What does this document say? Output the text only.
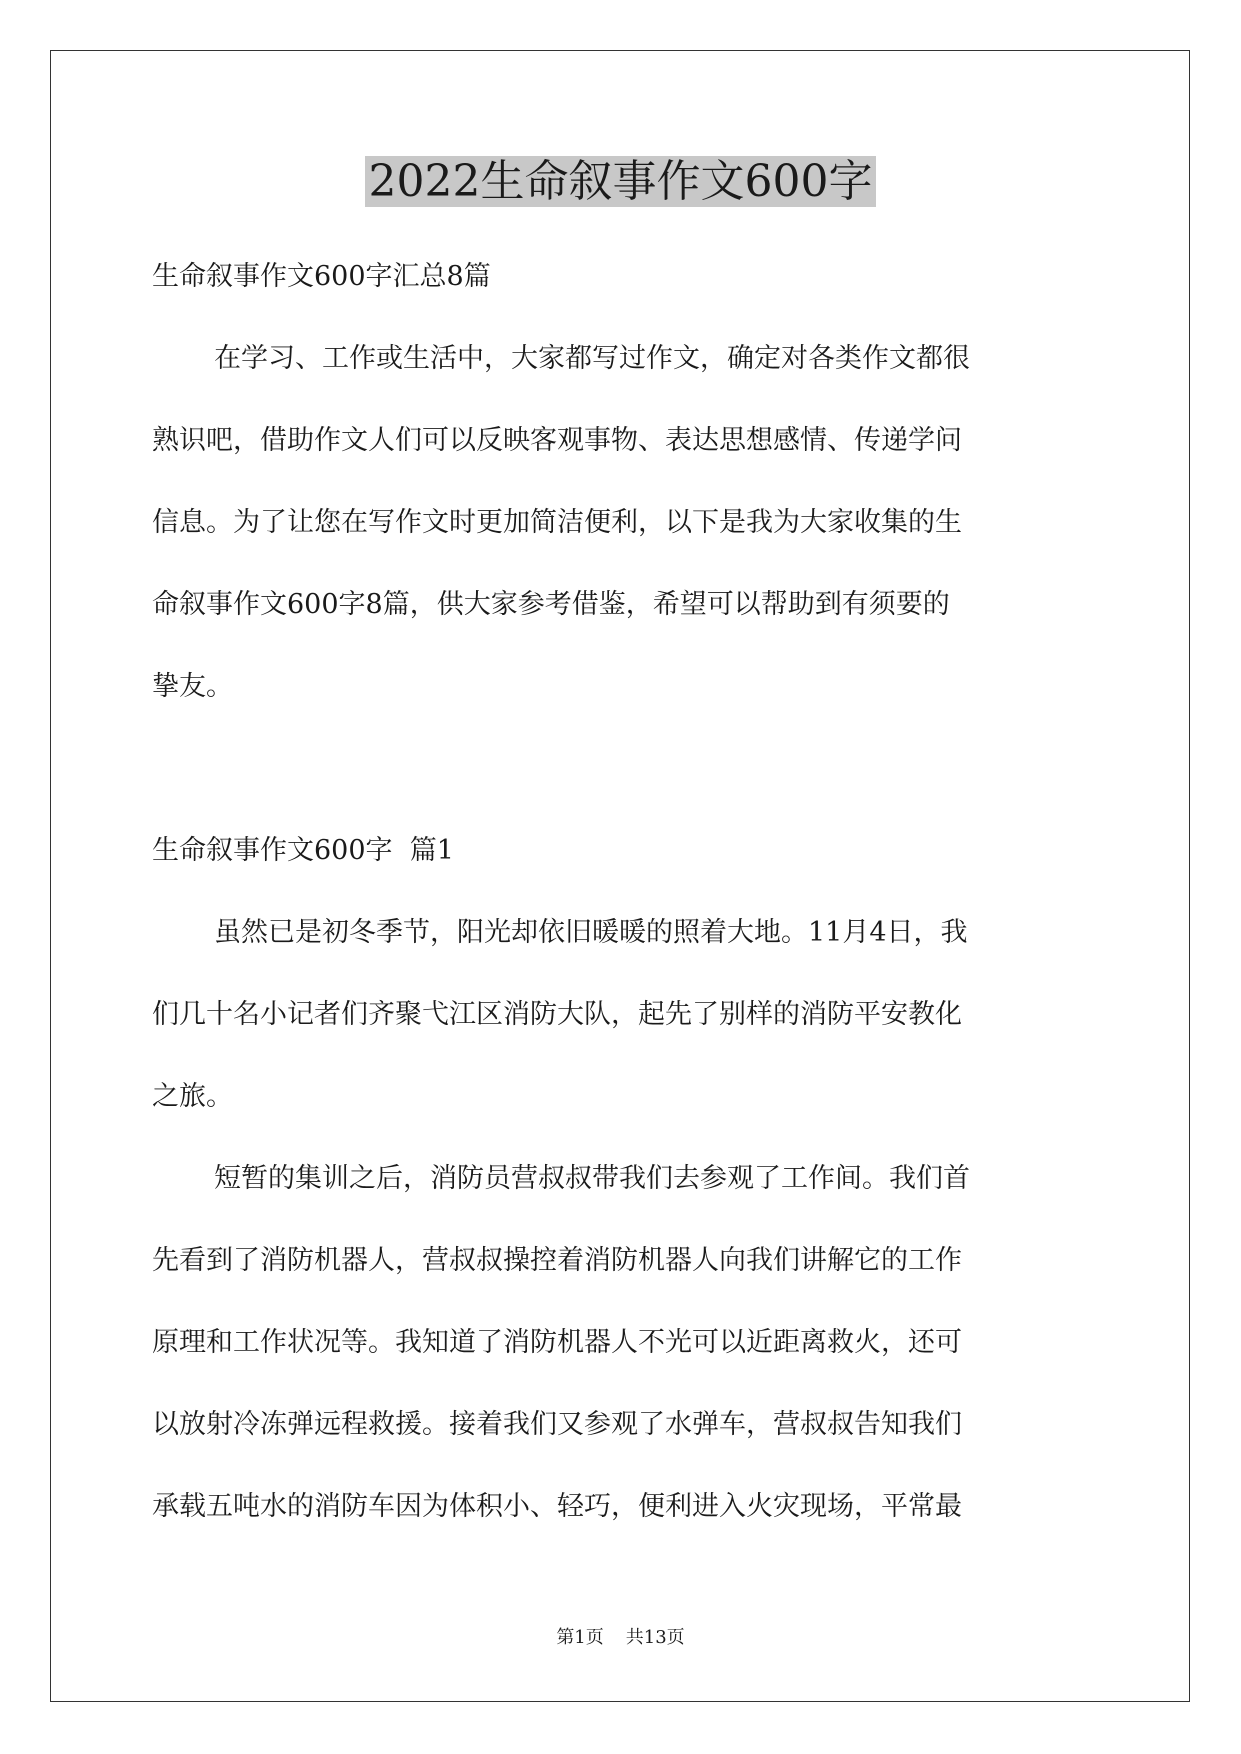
2022生命叙事作文600字

生命叙事作文600字汇总8篇

在学习、工作或生活中，大家都写过作文，确定对各类作文都很

熟识吧，借助作文人们可以反映客观事物、表达思想感情、传递学问

信息。为了让您在写作文时更加简洁便利，以下是我为大家收集的生

命叙事作文600字8篇，供大家参考借鉴，希望可以帮助到有须要的

挚友。

生命叙事作文600字  篇1

虽然已是初冬季节，阳光却依旧暖暖的照着大地。11月4日，我

们几十名小记者们齐聚弋江区消防大队，起先了别样的消防平安教化

之旅。

短暂的集训之后，消防员营叔叔带我们去参观了工作间。我们首

先看到了消防机器人，营叔叔操控着消防机器人向我们讲解它的工作

原理和工作状况等。我知道了消防机器人不光可以近距离救火，还可

以放射冷冻弹远程救援。接着我们又参观了水弹车，营叔叔告知我们

承载五吨水的消防车因为体积小、轻巧，便利进入火灾现场，平常最

第1页 共13页
